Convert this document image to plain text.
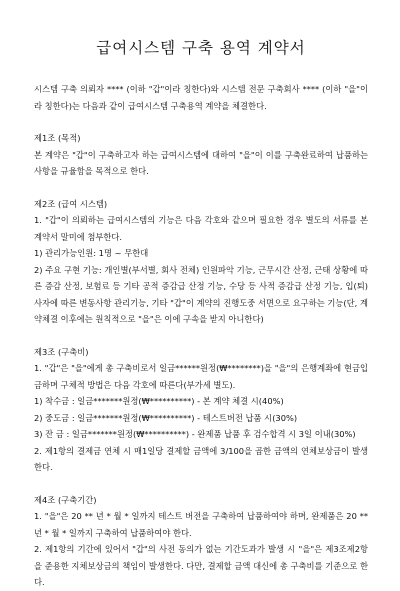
급여시스템 구축 용역 계약서

시스템 구축 의뢰자 **** (이하 "갑"이라 칭한다)와 시스템 전문 구축회사 **** (이하 "을"이라 칭한다)는 다음과 같이 급여시스템 구축용역 계약을 체결한다.

제1조 (목적)

본 계약은 "갑"이 구축하고자 하는 급여시스템에 대하여 "을"이 이를 구축완료하여 납품하는 사항을 규율함을 목적으로 한다.

제2조 (급여 시스템)

1. "갑"이 의뢰하는 급여시스템의 기능은 다음 각호와 같으며 필요한 경우 별도의 서류를 본 계약서 말미에 첨부한다.

1) 관리가능인원: 1명 ~ 무한대

2) 주요 구현 기능: 개인별(부서별, 회사 전체) 인원파악 기능, 근무시간 산정, 근태 상황에 따른 증감 산정, 보험료 등 기타 공적 증감급 산정 기능, 수당 등 사적 증감급 산정 기능, 입(퇴)사자에 따른 변동사항 관리기능, 기타 "갑"이 계약의 진행도중 서면으로 요구하는 기능(단, 계약체결 이후에는 원칙적으로 "을"은 이에 구속을 받지 아니한다)

제3조 (구축비)

1. "갑"은 "을"에게 총 구축비로서 일금******원정(₩********)을 "을"의 은행계좌에 현금입금하며 구체적 방법은 다음 각호에 따른다(부가세 별도).

1) 착수금 : 일금*******원정(₩**********) - 본 계약 체결 시(40%)

2) 중도금 : 일금*******원정(₩**********) - 테스트버전 납품 시(30%)

3) 잔 금 : 일금*******원정(₩**********) - 완제품 납품 후 검수합격 시 3일 이내(30%)

2. 제1항의 결제금 연체 시 매1일당 결제할 금액에 3/100을 곱한 금액의 연체보상금이 발생한다.

제4조 (구축기간)

1. "을"은 20 ** 년 * 월 * 일까지 테스트 버전을 구축하여 납품하여야 하며, 완제품은 20 ** 년 * 월 * 일까지 구축하여 납품하여야 한다.

2. 제1항의 기간에 있어서 "갑"의 사전 동의가 없는 기간도과가 발생 시 "을"은 제3조제2항을 준용한 지체보상금의 책임이 발생한다. 다만, 결제할 금액 대신에 총 구축비를 기준으로 한다.
